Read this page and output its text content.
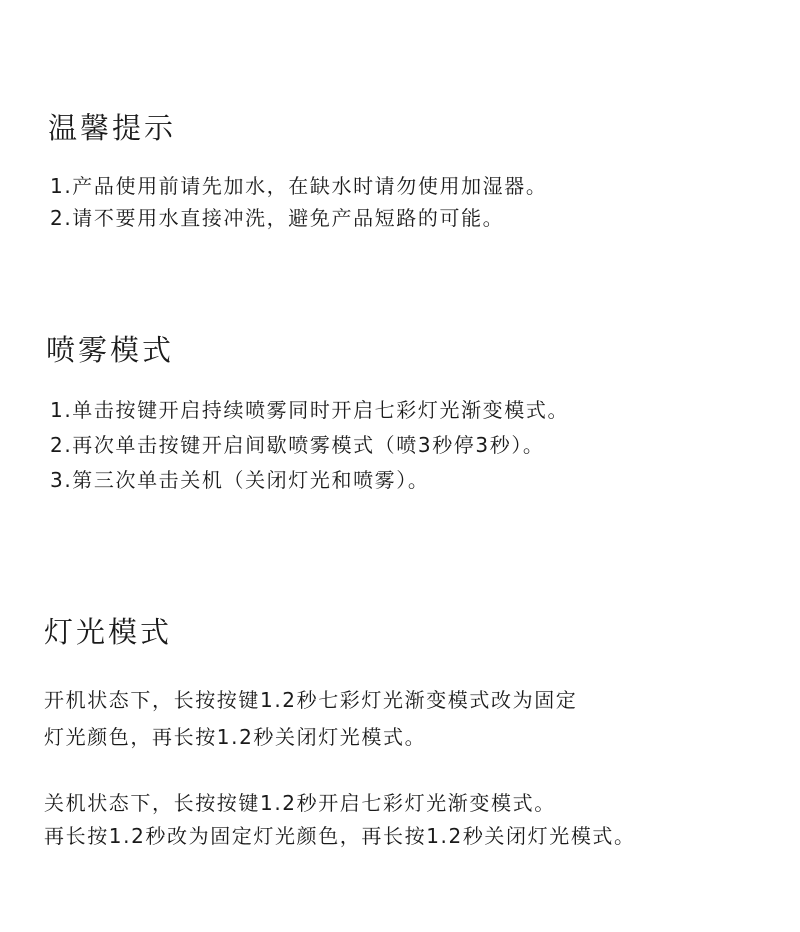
温馨提示
1.产品使用前请先加水，在缺水时请勿使用加湿器。
2.请不要用水直接冲洗，避免产品短路的可能。
喷雾模式
1.单击按键开启持续喷雾同时开启七彩灯光渐变模式。
2.再次单击按键开启间歇喷雾模式（喷3秒停3秒）。
3.第三次单击关机（关闭灯光和喷雾）。
灯光模式
开机状态下，长按按键1.2秒七彩灯光渐变模式改为固定
灯光颜色，再长按1.2秒关闭灯光模式。
关机状态下，长按按键1.2秒开启七彩灯光渐变模式。
再长按1.2秒改为固定灯光颜色，再长按1.2秒关闭灯光模式。
